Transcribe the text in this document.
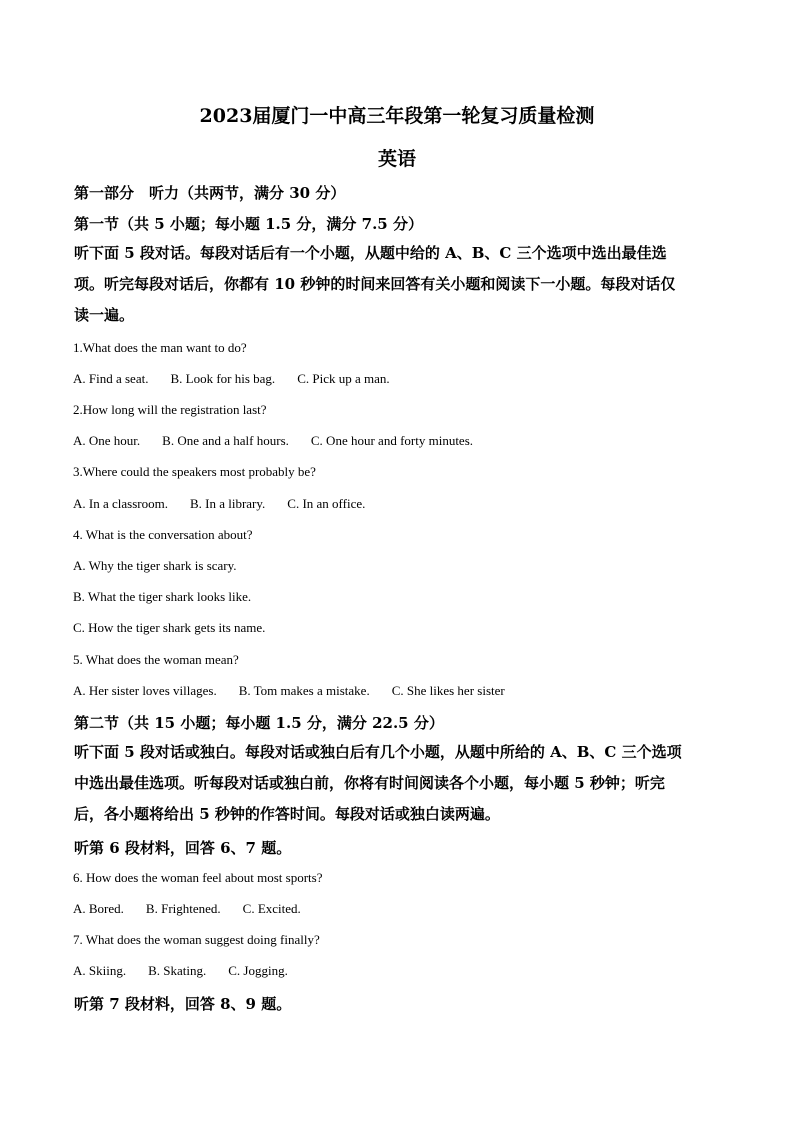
2023届厦门一中高三年段第一轮复习质量检测
英语
第一部分　听力（共两节，满分 30 分）
第一节（共 5 小题；每小题 1.5 分，满分 7.5 分）
听下面 5 段对话。每段对话后有一个小题，从题中给的 A、B、C 三个选项中选出最佳选
项。听完每段对话后，你都有 10 秒钟的时间来回答有关小题和阅读下一小题。每段对话仅
读一遍。
1.What does the man want to do?
A. Find a seat. B. Look for his bag. C. Pick up a man.
2.How long will the registration last?
A. One hour. B. One and a half hours. C. One hour and forty minutes.
3.Where could the speakers most probably be?
A. In a classroom. B. In a library. C. In an office.
4. What is the conversation about?
A. Why the tiger shark is scary.
B. What the tiger shark looks like.
C. How the tiger shark gets its name.
5. What does the woman mean?
A. Her sister loves villages. B. Tom makes a mistake. C. She likes her sister
第二节（共 15 小题；每小题 1.5 分，满分 22.5 分）
听下面 5 段对话或独白。每段对话或独白后有几个小题，从题中所给的 A、B、C 三个选项
中选出最佳选项。听每段对话或独白前，你将有时间阅读各个小题，每小题 5 秒钟；听完
后，各小题将给出 5 秒钟的作答时间。每段对话或独白读两遍。
听第 6 段材料，回答 6、7 题。
6. How does the woman feel about most sports?
A. Bored. B. Frightened. C. Excited.
7. What does the woman suggest doing finally?
A. Skiing. B. Skating. C. Jogging.
听第 7 段材料，回答 8、9 题。
